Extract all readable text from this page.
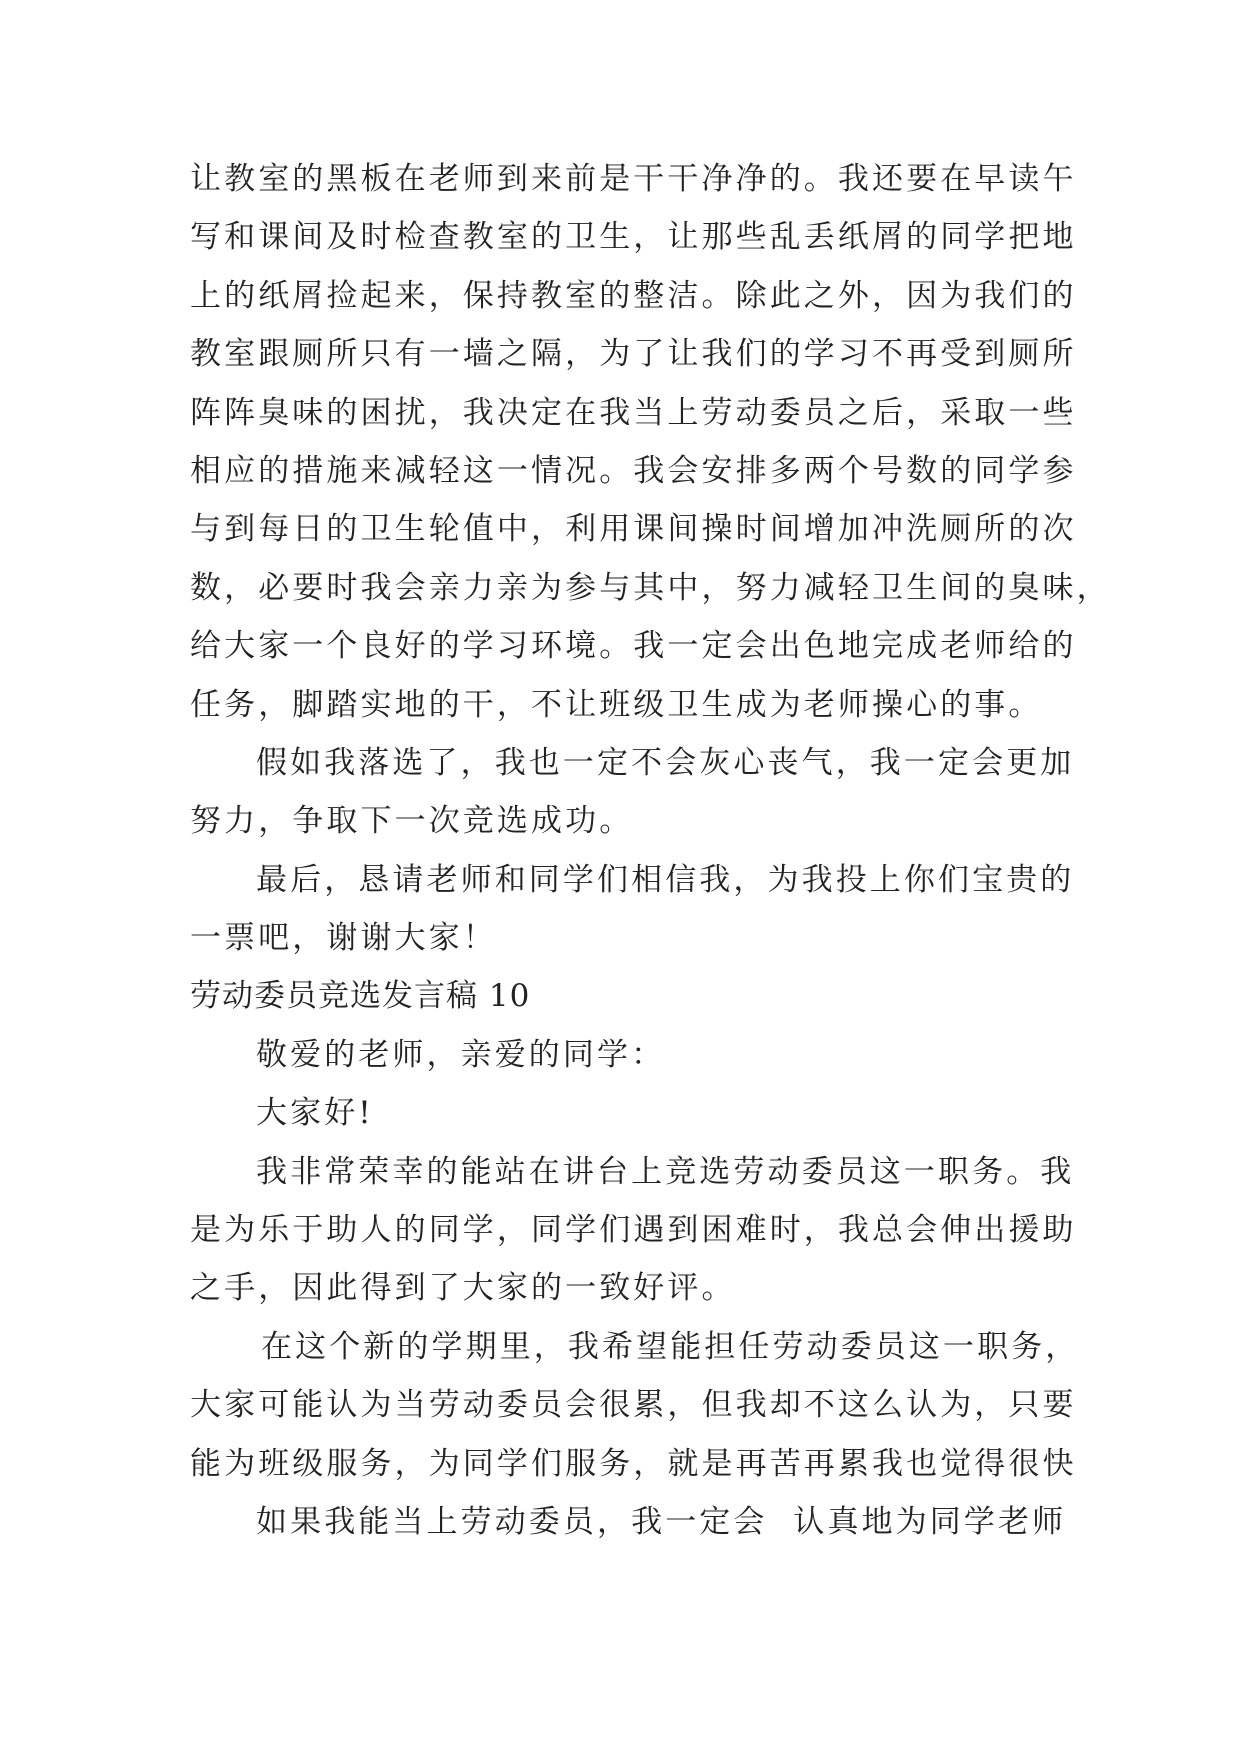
让教室的黑板在老师到来前是干干净净的。我还要在早读午
写和课间及时检查教室的卫生，让那些乱丢纸屑的同学把地
上的纸屑捡起来，保持教室的整洁。除此之外，因为我们的
教室跟厕所只有一墙之隔，为了让我们的学习不再受到厕所
阵阵臭味的困扰，我决定在我当上劳动委员之后，采取一些
相应的措施来减轻这一情况。我会安排多两个号数的同学参
与到每日的卫生轮值中，利用课间操时间增加冲洗厕所的次
数，必要时我会亲力亲为参与其中，努力减轻卫生间的臭味，
给大家一个良好的学习环境。我一定会出色地完成老师给的
任务，脚踏实地的干，不让班级卫生成为老师操心的事。
假如我落选了，我也一定不会灰心丧气，我一定会更加
努力，争取下一次竞选成功。
最后，恳请老师和同学们相信我，为我投上你们宝贵的
一票吧，谢谢大家！
劳动委员竞选发言稿 10
敬爱的老师，亲爱的同学：
大家好!
我非常荣幸的能站在讲台上竞选劳动委员这一职务。我
是为乐于助人的同学，同学们遇到困难时，我总会伸出援助
之手，因此得到了大家的一致好评。
在这个新的学期里，我希望能担任劳动委员这一职务，
大家可能认为当劳动委员会很累，但我却不这么认为，只要
能为班级服务，为同学们服务，就是再苦再累我也觉得很快
如果我能当上劳动委员，我一定会  认真地为同学老师
